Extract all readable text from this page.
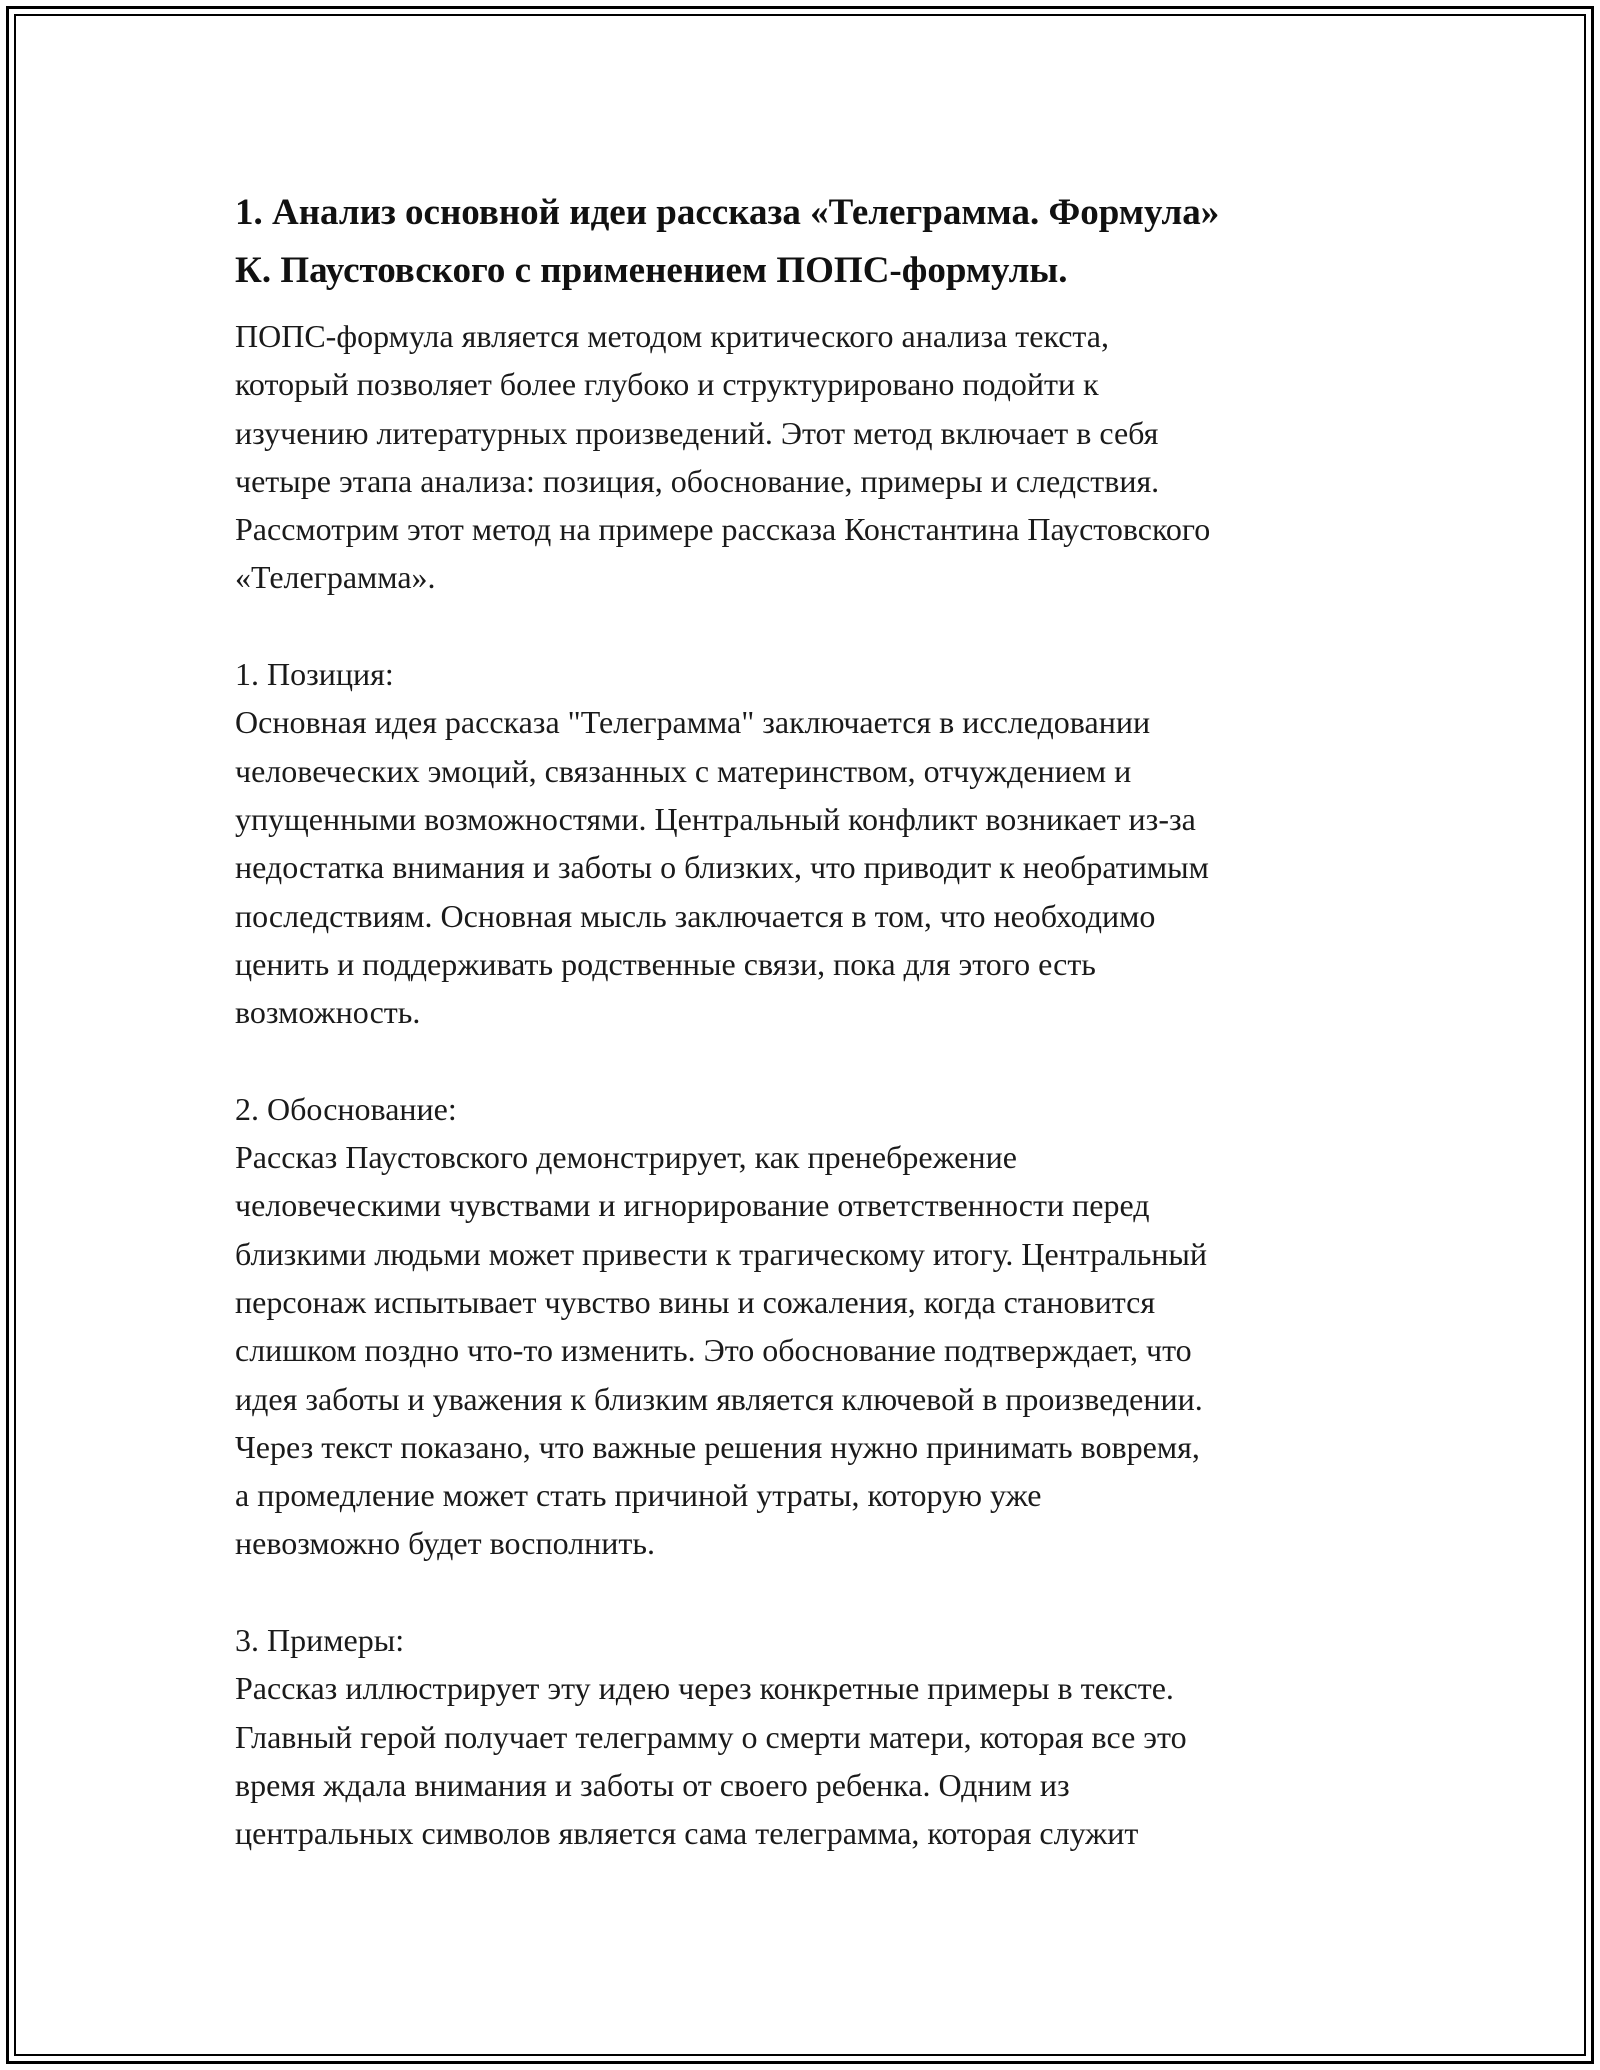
1. Анализ основной идеи рассказа «Телеграмма. Формула»
К. Паустовского с применением ПОПС-формулы.

ПОПС-формула является методом критического анализа текста,
который позволяет более глубоко и структурировано подойти к
изучению литературных произведений. Этот метод включает в себя
четыре этапа анализа: позиция, обоснование, примеры и следствия.
Рассмотрим этот метод на примере рассказа Константина Паустовского
«Телеграмма».

1. Позиция:

Основная идея рассказа "Телеграмма" заключается в исследовании
человеческих эмоций, связанных с материнством, отчуждением и
упущенными возможностями. Центральный конфликт возникает из-за
недостатка внимания и заботы о близких, что приводит к необратимым
последствиям. Основная мысль заключается в том, что необходимо
ценить и поддерживать родственные связи, пока для этого есть
возможность.

2. Обоснование:

Рассказ Паустовского демонстрирует, как пренебрежение
человеческими чувствами и игнорирование ответственности перед
близкими людьми может привести к трагическому итогу. Центральный
персонаж испытывает чувство вины и сожаления, когда становится
слишком поздно что-то изменить. Это обоснование подтверждает, что
идея заботы и уважения к близким является ключевой в произведении.
Через текст показано, что важные решения нужно принимать вовремя,
а промедление может стать причиной утраты, которую уже
невозможно будет восполнить.

3. Примеры:

Рассказ иллюстрирует эту идею через конкретные примеры в тексте.
Главный герой получает телеграмму о смерти матери, которая все это
время ждала внимания и заботы от своего ребенка. Одним из
центральных символов является сама телеграмма, которая служит
